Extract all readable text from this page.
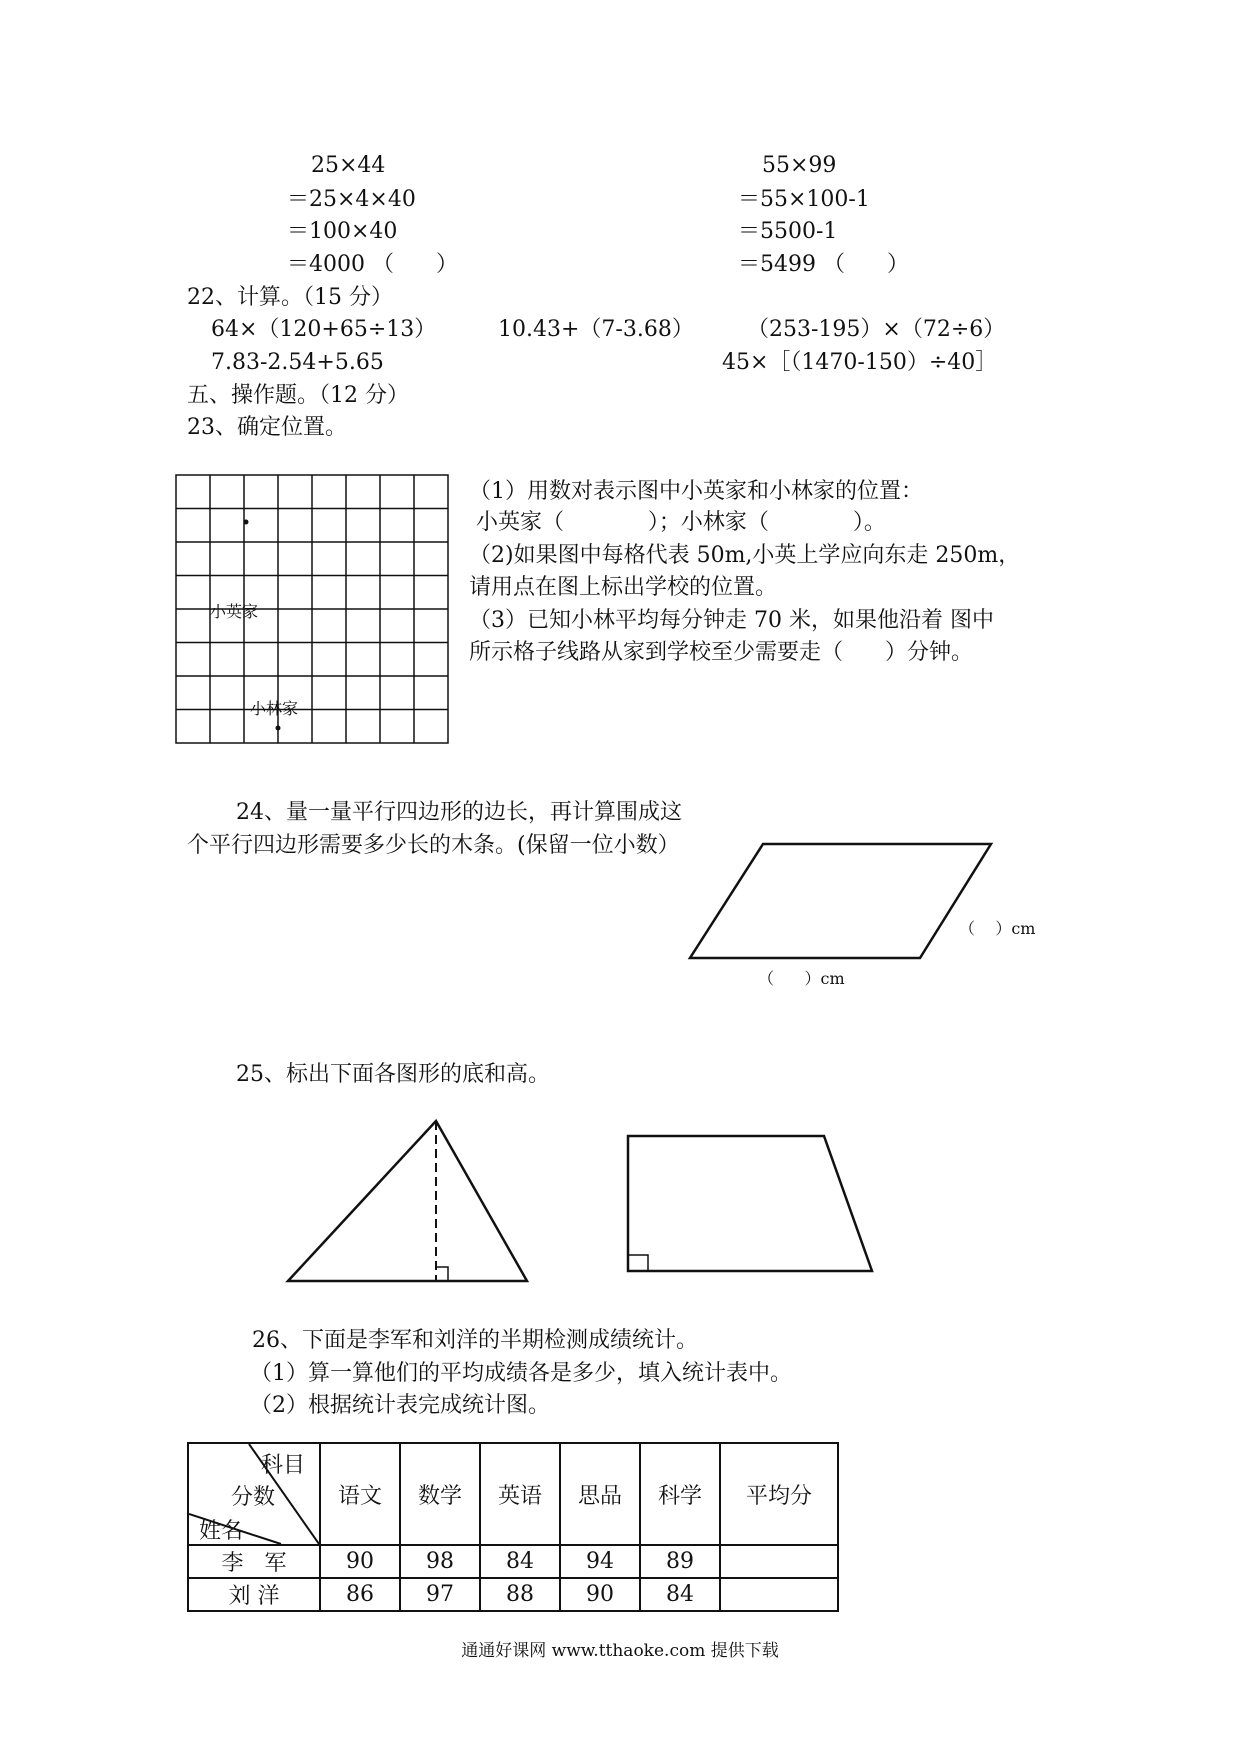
25×44
＝25×4×40
＝100×40
＝4000 （      ）
55×99
＝55×100-1
＝5500-1
＝5499 （      ）
22、计算。（15 分）
64×（120+65÷13）	10.43+（7-3.68） （253-195）×（72÷6）
7.83-2.54+5.65	45×［（1470-150）÷40］
五、操作题。（12 分）
23、确定位置。
小英家
小林家
（1）用数对表示图中小英家和小林家的位置：
小英家（            ）；小林家（            ）。
（2)如果图中每格代表 50m,小英上学应向东走 250m，
请用点在图上标出学校的位置。
（3）已知小林平均每分钟走 70 米，如果他沿着 图中
所示格子线路从家到学校至少需要走（      ）分钟。
24、量一量平行四边形的边长，再计算围成这
个平行四边形需要多少长的木条。(保留一位小数）
（    ）cm
（      ）cm
25、标出下面各图形的底和高。
26、下面是李军和刘洋的半期检测成绩统计。
（1）算一算他们的平均成绩各是多少，填入统计表中。
（2）根据统计表完成统计图。
科目
分数
姓名	语文	数学	英语	思品	科学	平均分
李   军	90	98	84	94	89	
刘 洋	86	97	88	90	84	
通通好课网 www.tthaoke.com 提供下载
